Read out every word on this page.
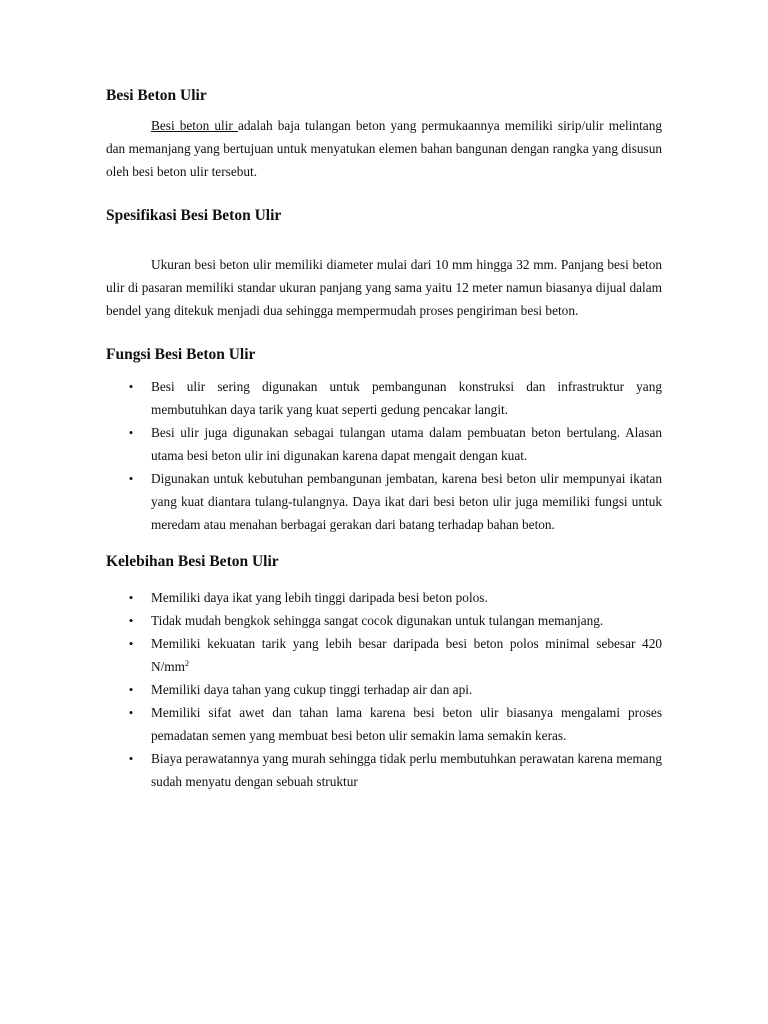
Besi Beton Ulir

Besi beton ulir adalah baja tulangan beton yang permukaannya memiliki sirip/ulir melintang dan memanjang yang bertujuan untuk menyatukan elemen bahan bangunan dengan rangka yang disusun oleh besi beton ulir tersebut.

Spesifikasi Besi Beton Ulir

Ukuran besi beton ulir memiliki diameter mulai dari 10 mm hingga 32 mm. Panjang besi beton ulir di pasaran memiliki standar ukuran panjang yang sama yaitu 12 meter namun biasanya dijual dalam bendel yang ditekuk menjadi dua sehingga mempermudah proses pengiriman besi beton.

Fungsi Besi Beton Ulir
• Besi ulir sering digunakan untuk pembangunan konstruksi dan infrastruktur yang membutuhkan daya tarik yang kuat seperti gedung pencakar langit.
• Besi ulir juga digunakan sebagai tulangan utama dalam pembuatan beton bertulang. Alasan utama besi beton ulir ini digunakan karena dapat mengait dengan kuat.
• Digunakan untuk kebutuhan pembangunan jembatan, karena besi beton ulir mempunyai ikatan yang kuat diantara tulang-tulangnya. Daya ikat dari besi beton ulir juga memiliki fungsi untuk meredam atau menahan berbagai gerakan dari batang terhadap bahan beton.
Kelebihan Besi Beton Ulir
• Memiliki daya ikat yang lebih tinggi daripada besi beton polos.
• Tidak mudah bengkok sehingga sangat cocok digunakan untuk tulangan memanjang.
• Memiliki kekuatan tarik yang lebih besar daripada besi beton polos minimal sebesar 420 $N/mm^2$
• Memiliki daya tahan yang cukup tinggi terhadap air dan api.
• Memiliki sifat awet dan tahan lama karena besi beton ulir biasanya mengalami proses pemadatan semen yang membuat besi beton ulir semakin lama semakin keras.
• Biaya perawatannya yang murah sehingga tidak perlu membutuhkan perawatan karena memang sudah menyatu dengan sebuah struktur
